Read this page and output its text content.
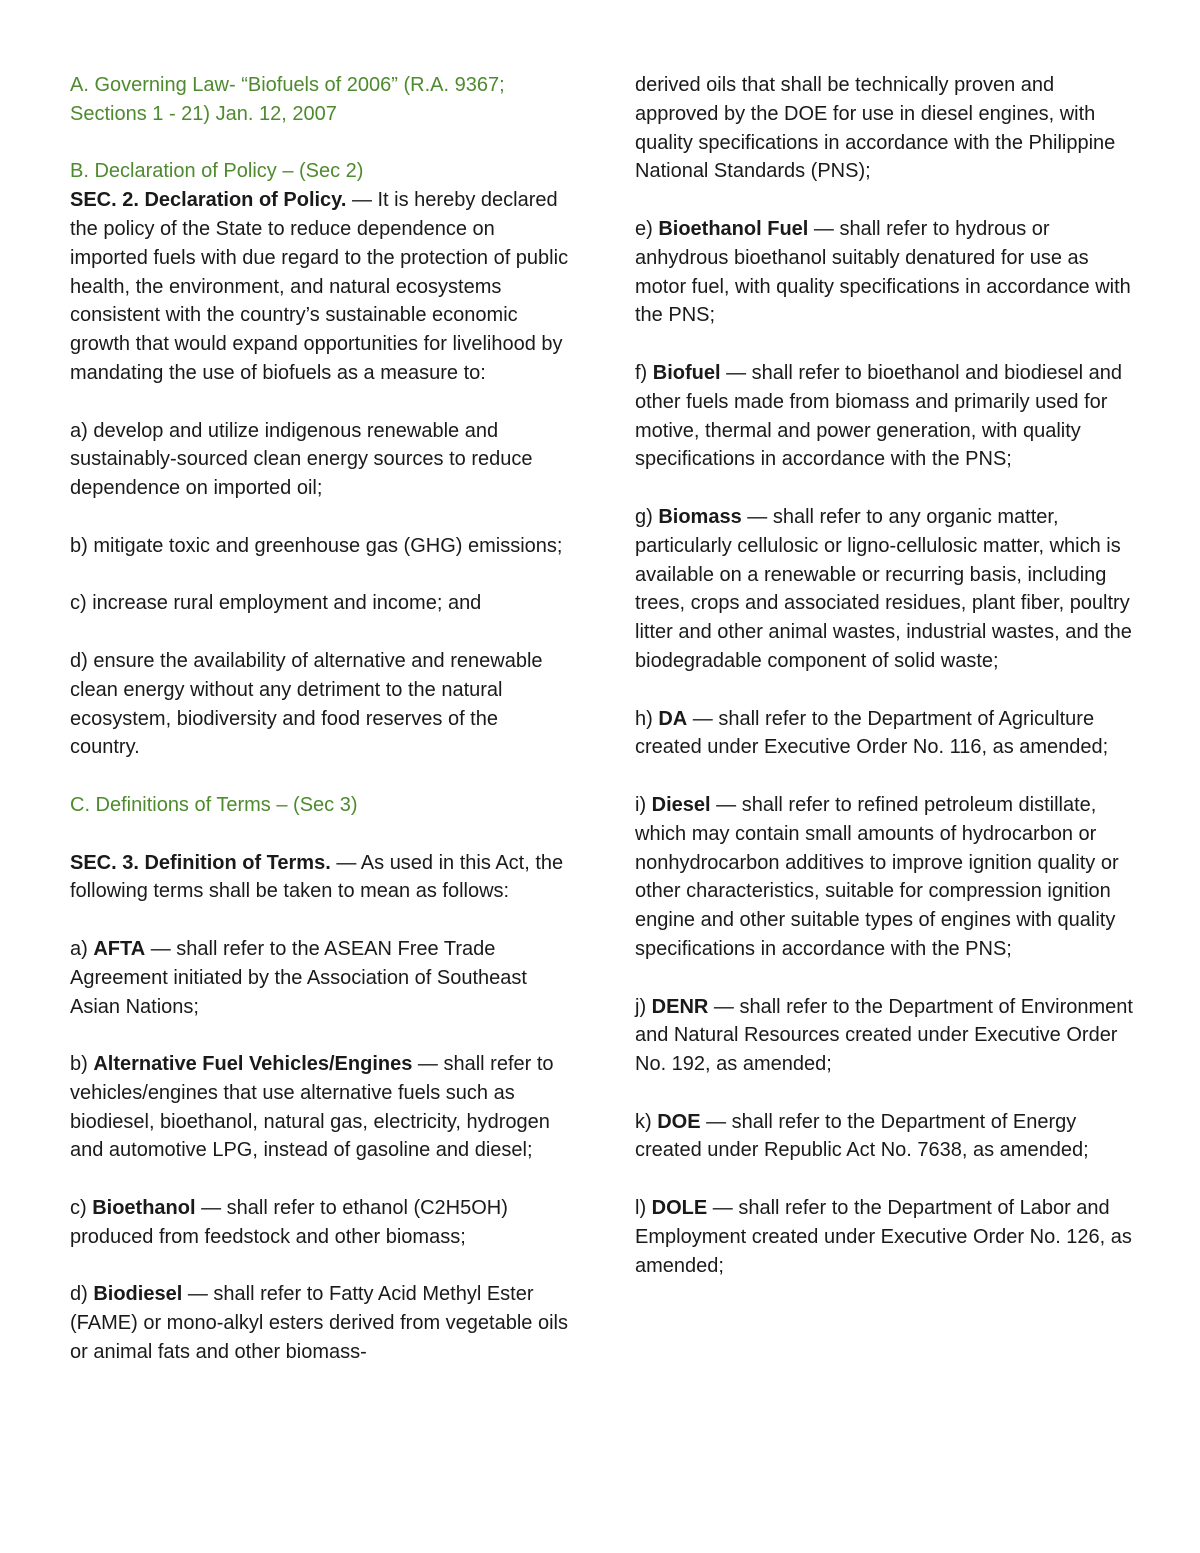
A. Governing Law- “Biofuels of 2006” (R.A. 9367; Sections 1 - 21) Jan. 12, 2007

B. Declaration of Policy – (Sec 2)

SEC. 2. Declaration of Policy. — It is hereby declared the policy of the State to reduce dependence on imported fuels with due regard to the protection of public health, the environment, and natural ecosystems consistent with the country’s sustainable economic growth that would expand opportunities for livelihood by mandating the use of biofuels as a measure to:

a) develop and utilize indigenous renewable and sustainably-sourced clean energy sources to reduce dependence on imported oil;

b) mitigate toxic and greenhouse gas (GHG) emissions;

c) increase rural employment and income; and

d) ensure the availability of alternative and renewable clean energy without any detriment to the natural ecosystem, biodiversity and food reserves of the country.

C. Definitions of Terms – (Sec 3)

SEC. 3. Definition of Terms. — As used in this Act, the following terms shall be taken to mean as follows:

a) AFTA — shall refer to the ASEAN Free Trade Agreement initiated by the Association of Southeast Asian Nations;

b) Alternative Fuel Vehicles/Engines — shall refer to vehicles/engines that use alternative fuels such as biodiesel, bioethanol, natural gas, electricity, hydrogen and automotive LPG, instead of gasoline and diesel;

c) Bioethanol — shall refer to ethanol (C2H5OH) produced from feedstock and other biomass;

d) Biodiesel — shall refer to Fatty Acid Methyl Ester (FAME) or mono-alkyl esters derived from vegetable oils or animal fats and other biomass-

derived oils that shall be technically proven and approved by the DOE for use in diesel engines, with quality specifications in accordance with the Philippine National Standards (PNS);

e) Bioethanol Fuel — shall refer to hydrous or anhydrous bioethanol suitably denatured for use as motor fuel, with quality specifications in accordance with the PNS;

f) Biofuel — shall refer to bioethanol and biodiesel and other fuels made from biomass and primarily used for motive, thermal and power generation, with quality specifications in accordance with the PNS;

g) Biomass — shall refer to any organic matter, particularly cellulosic or ligno-cellulosic matter, which is available on a renewable or recurring basis, including trees, crops and associated residues, plant fiber, poultry litter and other animal wastes, industrial wastes, and the biodegradable component of solid waste;

h) DA — shall refer to the Department of Agriculture created under Executive Order No. 116, as amended;

i) Diesel — shall refer to refined petroleum distillate, which may contain small amounts of hydrocarbon or nonhydrocarbon additives to improve ignition quality or other characteristics, suitable for compression ignition engine and other suitable types of engines with quality specifications in accordance with the PNS;

j) DENR — shall refer to the Department of Environment and Natural Resources created under Executive Order No. 192, as amended;

k) DOE — shall refer to the Department of Energy created under Republic Act No. 7638, as amended;

l) DOLE — shall refer to the Department of Labor and Employment created under Executive Order No. 126, as amended;
